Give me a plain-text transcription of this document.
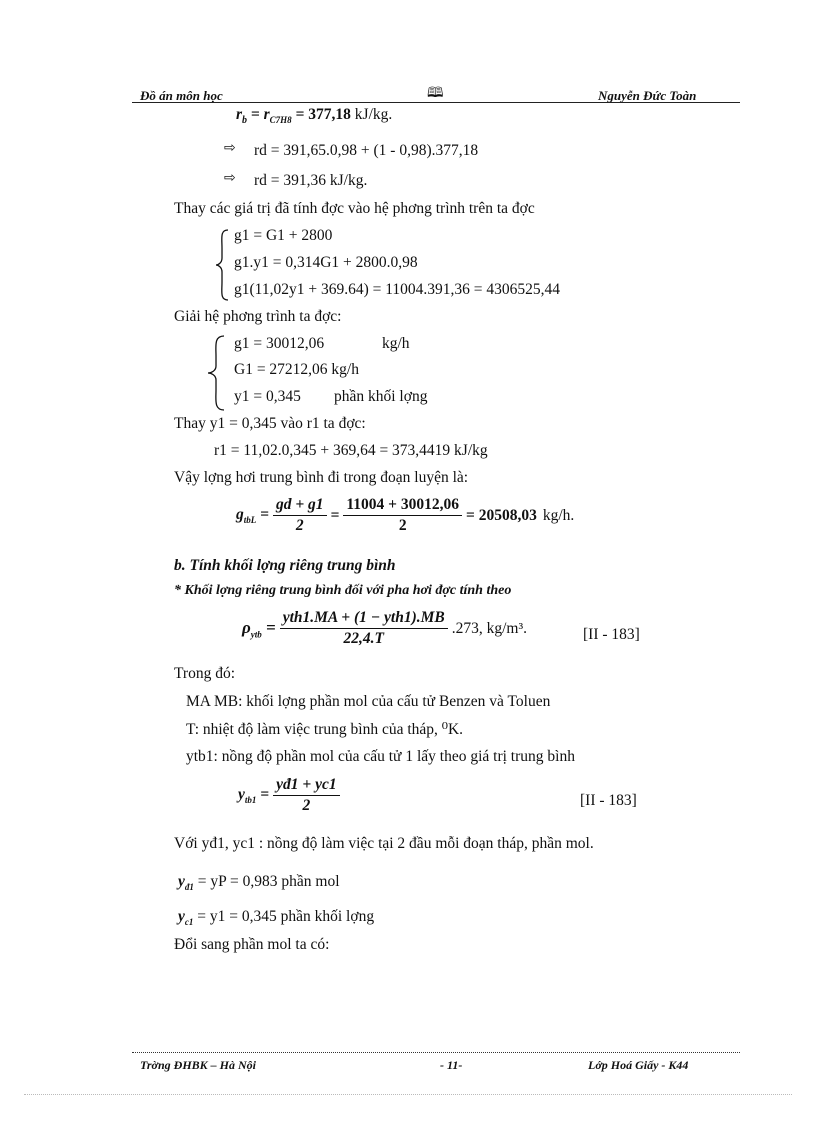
Đồ án môn học	🕮	Nguyễn Đức Toàn
$r_b = r_{C7H8} = 377,18$ kJ/kg.
⇨ rd = 391,65.0,98 + (1 - 0,98).377,18
⇨ rd = 391,36 kJ/kg.
Thay các giá trị đã tính đợc vào hệ phơng trình trên ta đợc
g1 = G1 + 2800
g1.y1 = 0,314G1 + 2800.0,98
g1(11,02y1 + 369.64) = 11004.391,36 = 4306525,44
Giải hệ phơng trình ta đợc:
g1 = 30012,06	kg/h
G1 = 27212,06 kg/h
y1 = 0,345 phần khối lợng
Thay y1 = 0,345 vào r1 ta đợc:
r1 = 11,02.0,345 + 369,64 = 373,4419 kJ/kg
Vậy lợng hơi trung bình đi trong đoạn luyện là:
$g_{tbL} = \frac{gd + g1}{2} = \frac{11004 + 30012,06}{2} = 20508,03$ kg/h.
b. Tính khối lợng riêng trung bình
* Khối lợng riêng trung bình đối với pha hơi đợc tính theo
$\rho_{ytb} = \frac{\text{yth1.MA + (1 − yth1).MB}}{22,4.T} .273$, kg/m³.	[II - 183]
Trong đó:
MA MB: khối lợng phần mol của cấu tử Benzen và Toluen
T: nhiệt độ làm việc trung bình của tháp, ⁰K.
ytb1: nồng độ phần mol của cấu tử 1 lấy theo giá trị trung bình
$y_{tb1} = \frac{yđ1 + yc1}{2}$	[II - 183]
Với yđ1, yc1 : nồng độ làm việc tại 2 đầu mỗi đoạn tháp, phần mol.
$y_{đ1}$ = yP = 0,983 phần mol
$y_{c1} = y1 = 0,345$ phần khối lợng
Đổi sang phần mol ta có:
Trờng ĐHBK – Hà Nội	- 11-	Lớp Hoá Giấy - K44
